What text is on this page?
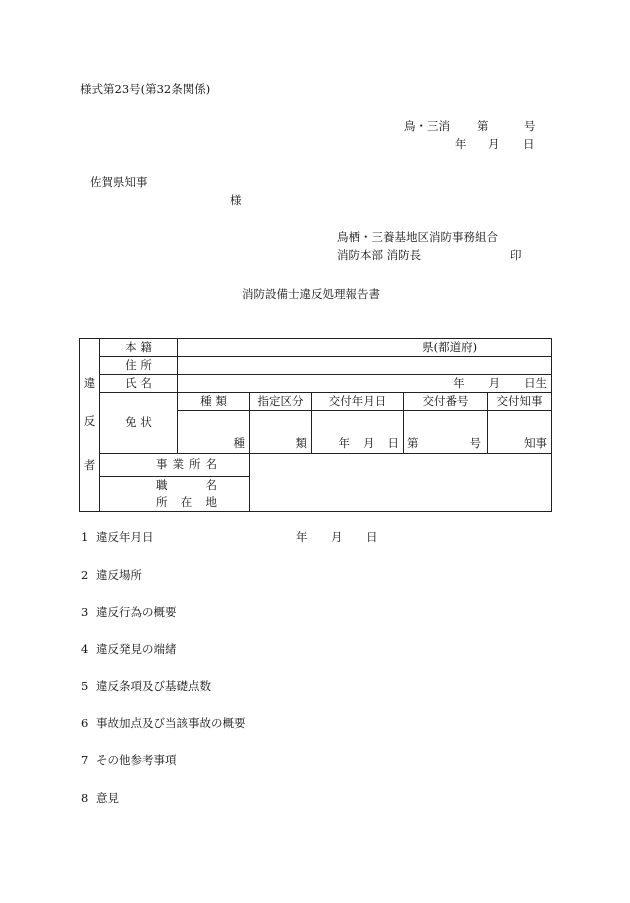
様式第23号(第32条関係)
鳥・三消 第	号
年 月 日
佐賀県知事
様
鳥栖・三養基地区消防事務組合
消防本部 消防長	印
消防設備士違反処理報告書
	本 籍	県(都道府)				
	住 所					
違	氏 名	年 月 日生				

	免 状	種 類	指定区分	交付年月日	交付番号	交付知事
反		種	類	年 月 日	第 号	知事
者	事 業 所 名					

	職 名					

	所 在 地					

1 違反年月日	年 月 日
2 違反場所
3 違反行為の概要
4 違反発見の端緒
5 違反条項及び基礎点数
6 事故加点及び当該事故の概要
7 その他参考事項
8 意見
